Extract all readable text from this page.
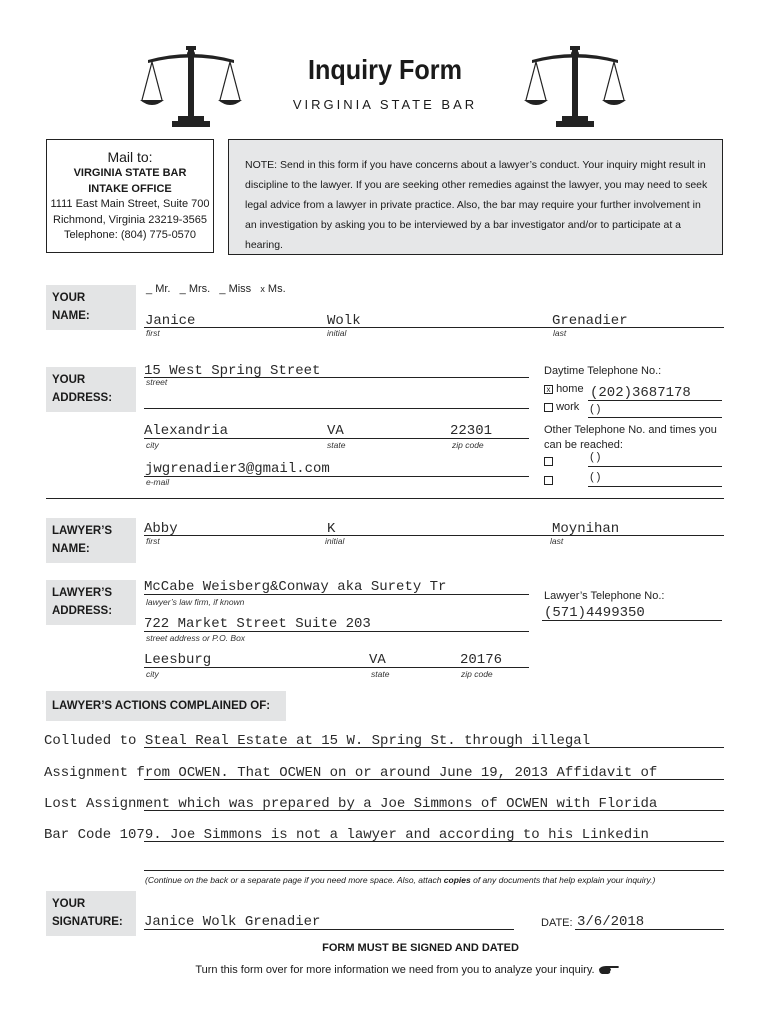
Inquiry Form
VIRGINIA STATE BAR
Mail to:
VIRGINIA STATE BAR
INTAKE OFFICE
1111 East Main Street, Suite 700
Richmond, Virginia 23219-3565
Telephone: (804) 775-0570
NOTE: Send in this form if you have concerns about a lawyer’s conduct. Your inquiry might result in discipline to the lawyer. If you are seeking other remedies against the lawyer, you may need to seek legal advice from a lawyer in private practice. Also, the bar may require your further involvement in an investigation by asking you to be interviewed by a bar investigator and/or to participate at a hearing.
YOUR
NAME:
_ Mr. _ Mrs. _ Miss x Ms.
Janice	Wolk	Grenadier
first	initial	last
YOUR
ADDRESS:
15 West Spring Street
street
Alexandria	VA	22301
city	state	zip code
jwgrenadier3@gmail.com
e-mail
Daytime Telephone No.:
x home (202)3687178
work ( )
Other Telephone No. and times you
can be reached:
( )
( )
LAWYER’S
NAME:
Abby	K	Moynihan
first	initial	last
LAWYER’S
ADDRESS:
McCabe Weisberg&Conway aka Surety Tr
lawyer’s law firm, if known
722 Market Street Suite 203
street address or P.O. Box
Leesburg	VA	20176
city	state	zip code
Lawyer’s Telephone No.:
(571)4499350
LAWYER’S ACTIONS COMPLAINED OF:
Colluded to Steal Real Estate at 15 W. Spring St. through illegal
Assignment from OCWEN. That OCWEN on or around June 19, 2013 Affidavit of
Lost Assignment which was prepared by a Joe Simmons of OCWEN with Florida
Bar Code 1079. Joe Simmons is not a lawyer and according to his Linkedin
(Continue on the back or a separate page if you need more space. Also, attach copies of any documents that help explain your inquiry.)
YOUR
SIGNATURE:	Janice Wolk Grenadier	DATE: 3/6/2018
FORM MUST BE SIGNED AND DATED
Turn this form over for more information we need from you to analyze your inquiry.
